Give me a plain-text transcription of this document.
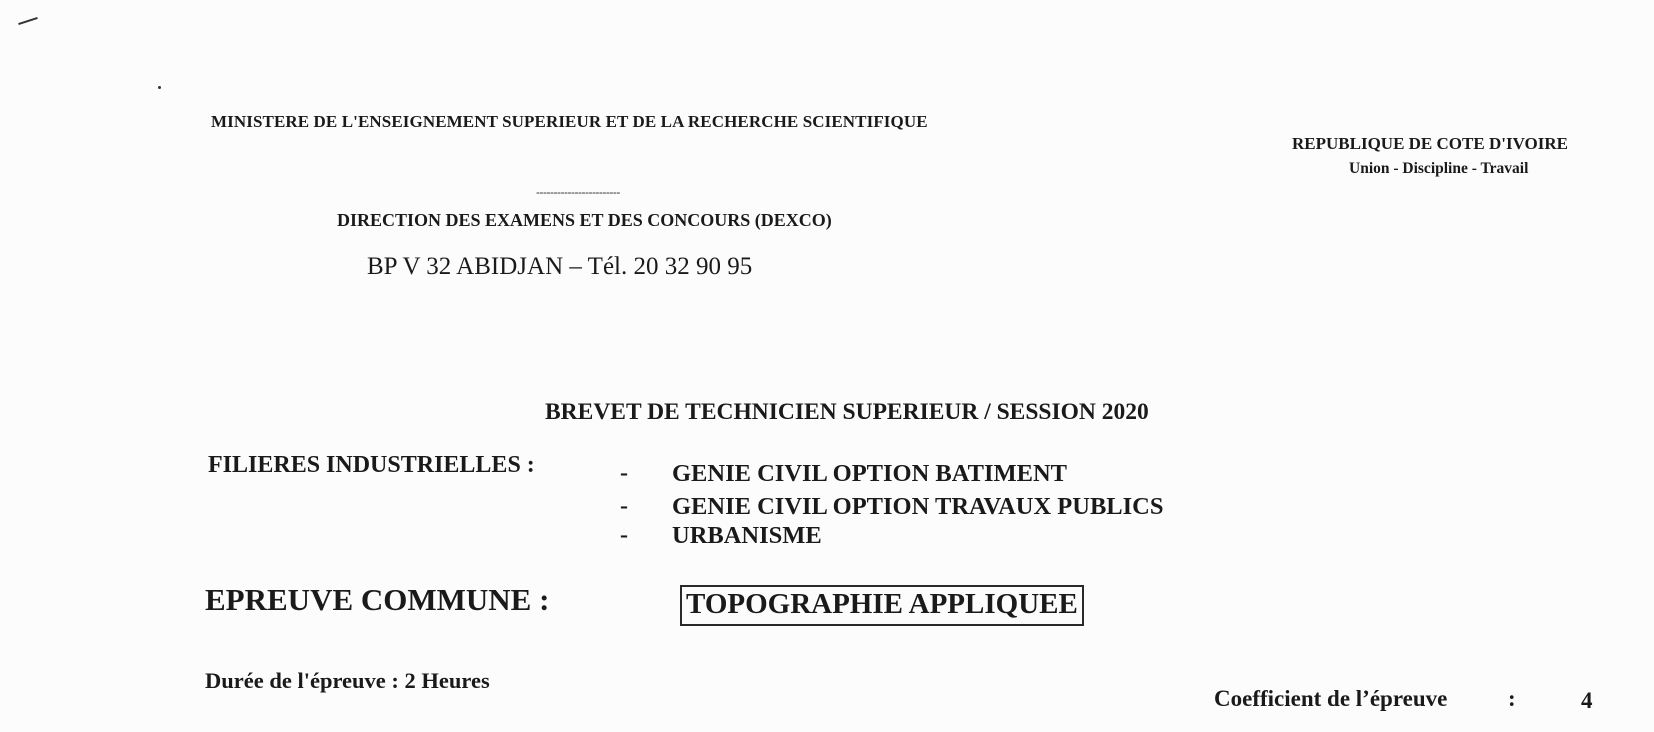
MINISTERE DE L'ENSEIGNEMENT SUPERIEUR ET DE LA RECHERCHE SCIENTIFIQUE
REPUBLIQUE DE COTE D'IVOIRE
Union - Discipline - Travail
------------------------
DIRECTION DES EXAMENS ET DES CONCOURS (DEXCO)
BP V 32 ABIDJAN – Tél. 20 32 90 95
BREVET DE TECHNICIEN SUPERIEUR / SESSION 2020
FILIERES INDUSTRIELLES :	- GENIE CIVIL OPTION BATIMENT
- GENIE CIVIL OPTION TRAVAUX PUBLICS
- URBANISME
EPREUVE COMMUNE :	TOPOGRAPHIE APPLIQUEE
Durée de l'épreuve : 2 Heures
Coefficient de l’épreuve	:	4
